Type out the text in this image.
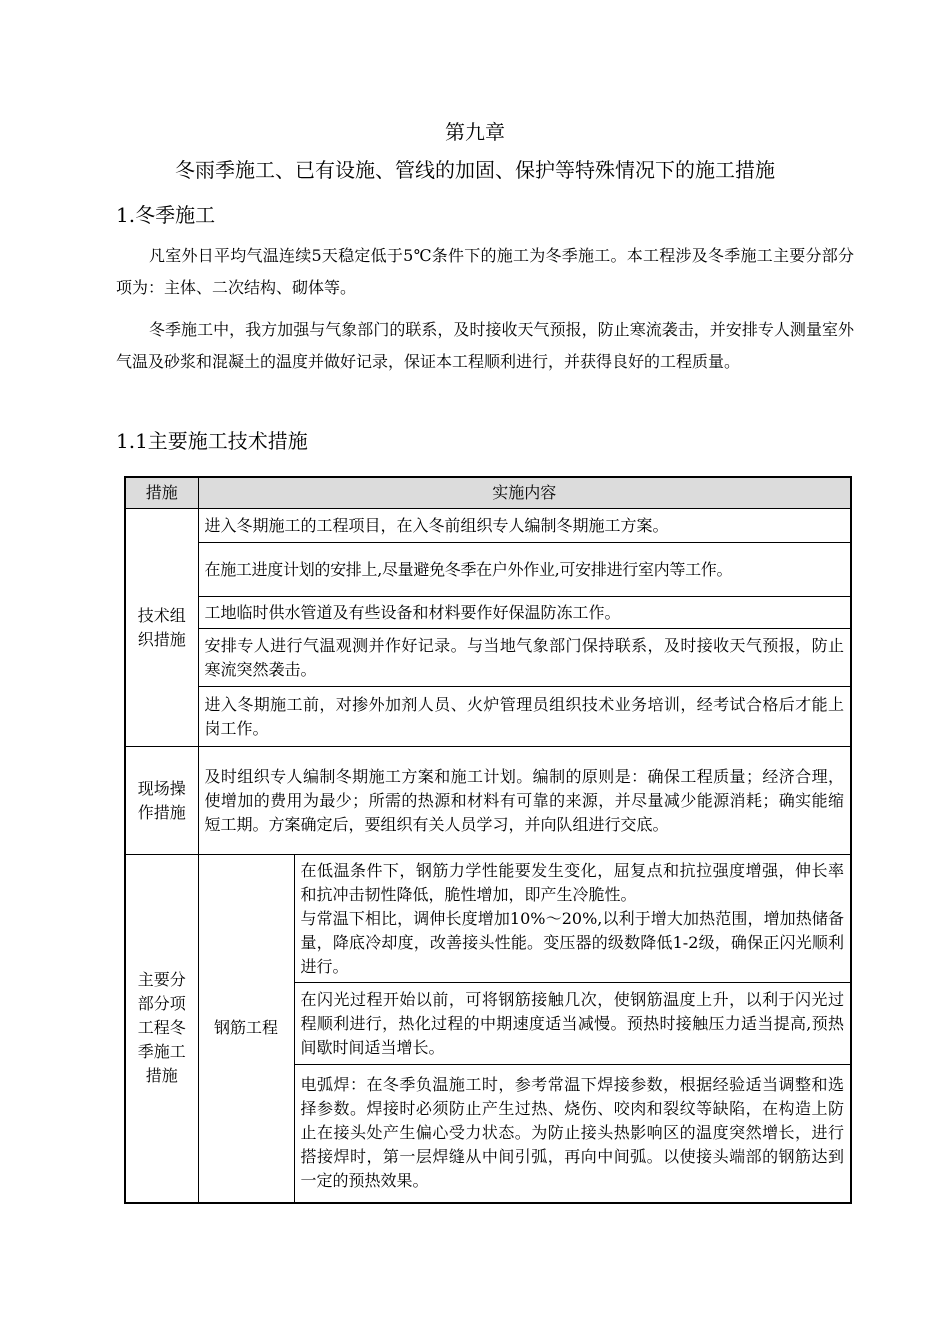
第九章
冬雨季施工、已有设施、管线的加固、保护等特殊情况下的施工措施
1.冬季施工

凡室外日平均气温连续5天稳定低于5℃条件下的施工为冬季施工。本工程涉及冬季施工主要分部分项为：主体、二次结构、砌体等。

冬季施工中，我方加强与气象部门的联系，及时接收天气预报，防止寒流袭击，并安排专人测量室外气温及砂浆和混凝土的温度并做好记录，保证本工程顺利进行，并获得良好的工程质量。

1.1主要施工技术措施
措施	实施内容	
技术组织措施	进入冬期施工的工程项目，在入冬前组织专人编制冬期施工方案。	
	在施工进度计划的安排上,尽量避免冬季在户外作业,可安排进行室内等工作。	
	工地临时供水管道及有些设备和材料要作好保温防冻工作。	
	安排专人进行气温观测并作好记录。与当地气象部门保持联系，及时接收天气预报，防止寒流突然袭击。	
	进入冬期施工前，对掺外加剂人员、火炉管理员组织技术业务培训，经考试合格后才能上岗工作。	
现场操作措施	及时组织专人编制冬期施工方案和施工计划。编制的原则是：确保工程质量；经济合理，使增加的费用为最少；所需的热源和材料有可靠的来源，并尽量减少能源消耗；确实能缩短工期。方案确定后，要组织有关人员学习，并向队组进行交底。	
主要分部分项工程冬季施工措施	钢筋工程	在低温条件下，钢筋力学性能要发生变化，屈复点和抗拉强度增强，伸长率和抗冲击韧性降低，脆性增加，即产生冷脆性。
与常温下相比，调伸长度增加10%～20%,以利于增大加热范围，增加热储备量，降底冷却度，改善接头性能。变压器的级数降低1-2级，确保正闪光顺利进行。

		在闪光过程开始以前，可将钢筋接触几次，使钢筋温度上升，以利于闪光过程顺利进行，热化过程的中期速度适当减慢。预热时接触压力适当提高,预热间歇时间适当增长。
		电弧焊：在冬季负温施工时，参考常温下焊接参数，根据经验适当调整和选择参数。焊接时必须防止产生过热、烧伤、咬肉和裂纹等缺陷，在构造上防止在接头处产生偏心受力状态。为防止接头热影响区的温度突然增长，进行搭接焊时，第一层焊缝从中间引弧，再向中间弧。以使接头端部的钢筋达到一定的预热效果。
